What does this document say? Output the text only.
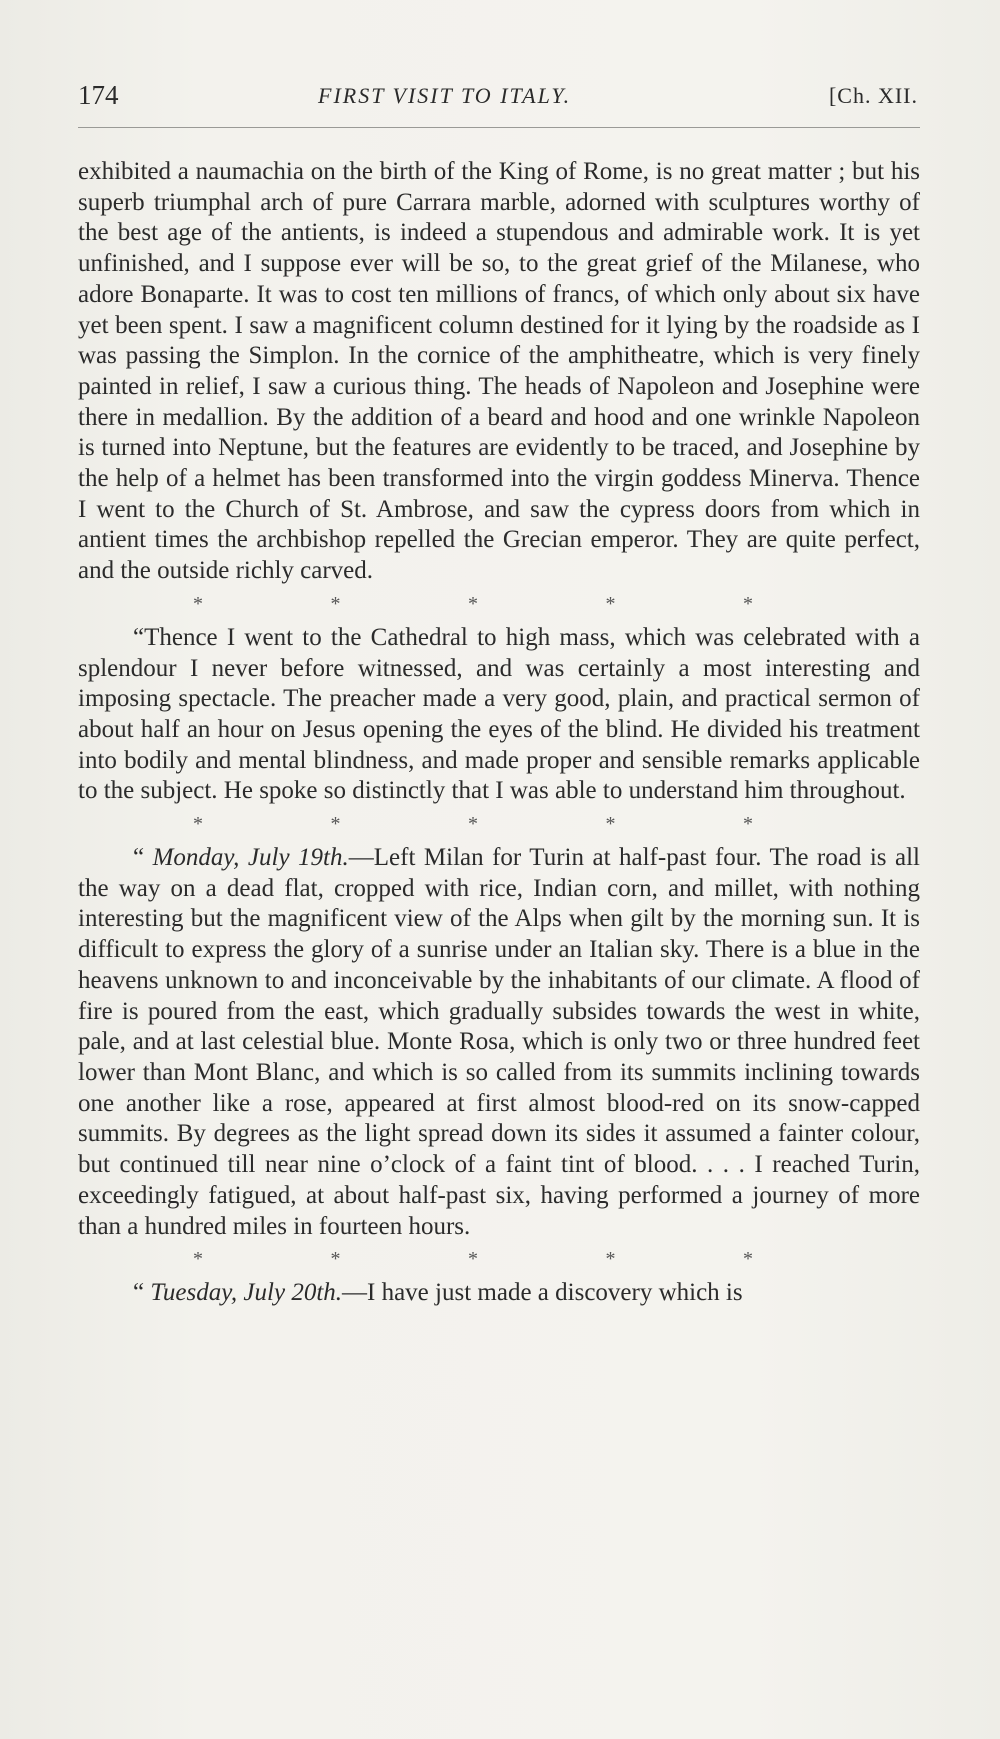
174	FIRST VISIT TO ITALY.	[Ch. XII.

exhibited a naumachia on the birth of the King of Rome, is no great matter ; but his superb triumphal arch of pure Carrara marble, adorned with sculptures worthy of the best age of the antients, is indeed a stupendous and admirable work. It is yet unfinished, and I suppose ever will be so, to the great grief of the Milanese, who adore Bonaparte. It was to cost ten millions of francs, of which only about six have yet been spent. I saw a magnificent column destined for it lying by the roadside as I was passing the Simplon. In the cornice of the amphitheatre, which is very finely painted in relief, I saw a curious thing. The heads of Napoleon and Josephine were there in medallion. By the addition of a beard and hood and one wrinkle Napoleon is turned into Neptune, but the features are evidently to be traced, and Josephine by the help of a helmet has been transformed into the virgin goddess Minerva. Thence I went to the Church of St. Ambrose, and saw the cypress doors from which in antient times the archbishop repelled the Grecian emperor. They are quite perfect, and the outside richly carved.

*	*	*	*	*

“Thence I went to the Cathedral to high mass, which was celebrated with a splendour I never before witnessed, and was certainly a most interesting and imposing spectacle. The preacher made a very good, plain, and practical sermon of about half an hour on Jesus opening the eyes of the blind. He divided his treatment into bodily and mental blindness, and made proper and sensible remarks applicable to the subject. He spoke so distinctly that I was able to understand him throughout.

*	*	*	*	*

“ Monday, July 19th.—Left Milan for Turin at half-past four. The road is all the way on a dead flat, cropped with rice, Indian corn, and millet, with nothing interesting but the magnificent view of the Alps when gilt by the morning sun. It is difficult to express the glory of a sunrise under an Italian sky. There is a blue in the heavens unknown to and inconceivable by the inhabitants of our climate. A flood of fire is poured from the east, which gradually subsides towards the west in white, pale, and at last celestial blue. Monte Rosa, which is only two or three hundred feet lower than Mont Blanc, and which is so called from its summits inclining towards one another like a rose, appeared at first almost blood-red on its snow-capped summits. By degrees as the light spread down its sides it assumed a fainter colour, but continued till near nine o’clock of a faint tint of blood. . . . I reached Turin, exceedingly fatigued, at about half-past six, having performed a journey of more than a hundred miles in fourteen hours.

*	*	*	*	*

“ Tuesday, July 20th.—I have just made a discovery which is
